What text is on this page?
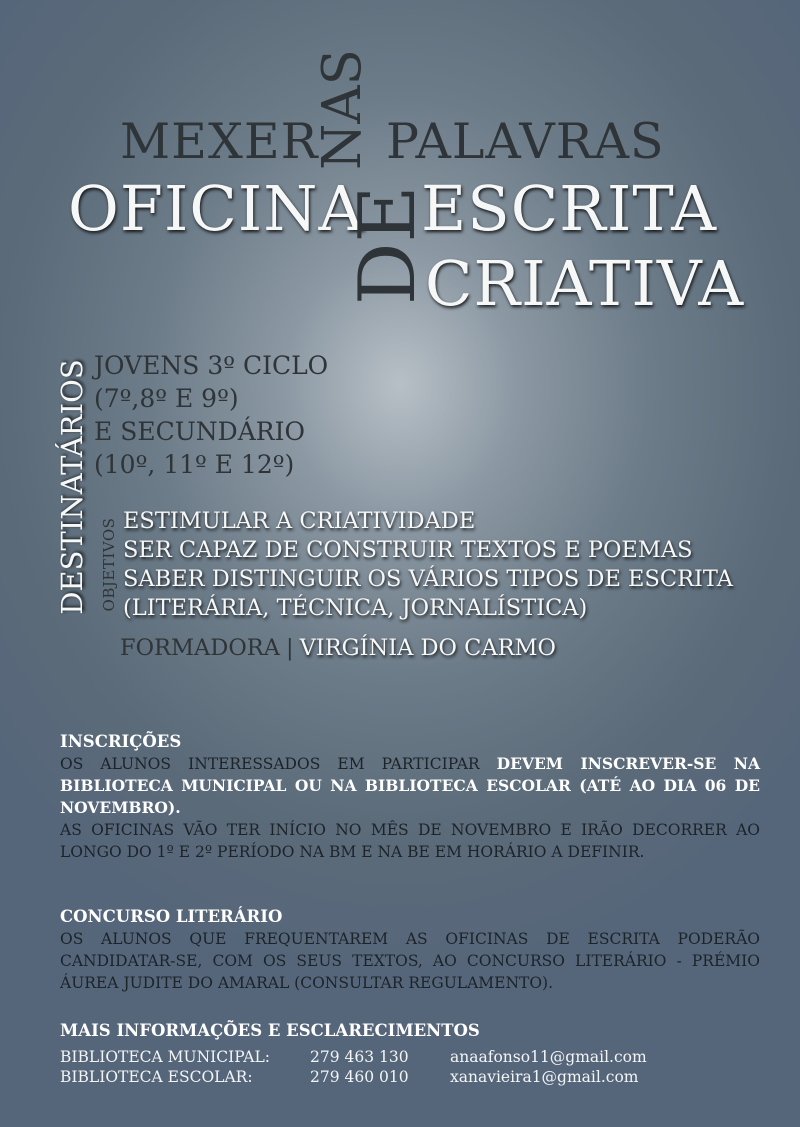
MEXER
NAS PALAVRAS
OFICINA
DE
ESCRITA
CRIATIVA
DESTINATÁRIOS JOVENS 3º CICLO
(7º,8º E 9º)
E SECUNDÁRIO
(10º, 11º E 12º)
OBJETIVOS ESTIMULAR A CRIATIVIDADE
SER CAPAZ DE CONSTRUIR TEXTOS E POEMAS
SABER DISTINGUIR OS VÁRIOS TIPOS DE ESCRITA
(LITERÁRIA, TÉCNICA, JORNALÍSTICA)
FORMADORA | VIRGÍNIA DO CARMO
INSCRIÇÕES
OS ALUNOS INTERESSADOS EM PARTICIPAR DEVEM INSCREVER-SE NA BIBLIOTECA MUNICIPAL OU NA BIBLIOTECA ESCOLAR (ATÉ AO DIA 06 DE NOVEMBRO).
AS OFICINAS VÃO TER INÍCIO NO MÊS DE NOVEMBRO E IRÃO DECORRER AO LONGO DO 1º E 2º PERÍODO NA BM E NA BE EM HORÁRIO A DEFINIR.
CONCURSO LITERÁRIO
OS ALUNOS QUE FREQUENTAREM AS OFICINAS DE ESCRITA PODERÃO CANDIDATAR-SE, COM OS SEUS TEXTOS, AO CONCURSO LITERÁRIO - PRÉMIO ÁUREA JUDITE DO AMARAL (CONSULTAR REGULAMENTO).
MAIS INFORMAÇÕES E ESCLARECIMENTOS
BIBLIOTECA MUNICIPAL:	279 463 130	anaafonso11@gmail.com
BIBLIOTECA ESCOLAR:	279 460 010	xanavieira1@gmail.com
